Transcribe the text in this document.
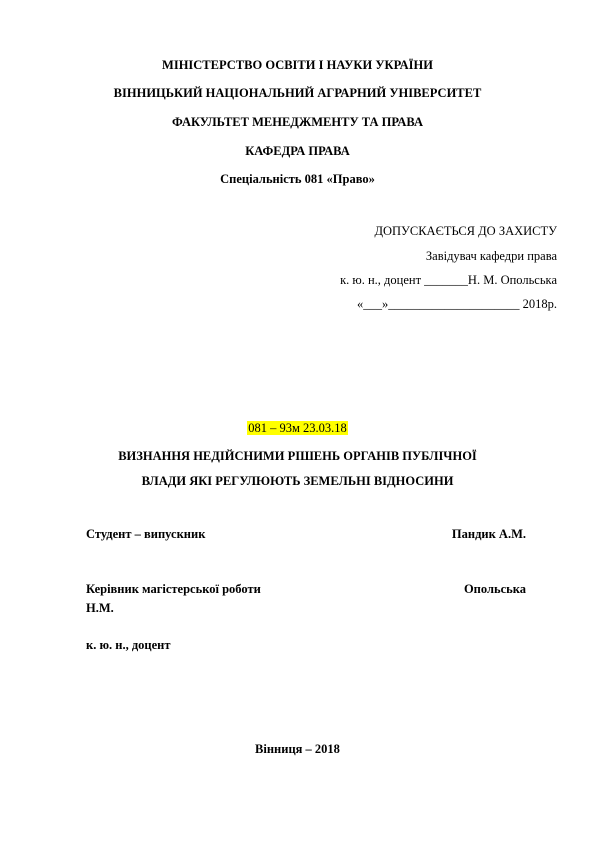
МІНІСТЕРСТВО ОСВІТИ І НАУКИ УКРАЇНИ
ВІННИЦЬКИЙ НАЦІОНАЛЬНИЙ АГРАРНИЙ УНІВЕРСИТЕТ
ФАКУЛЬТЕТ МЕНЕДЖМЕНТУ ТА ПРАВА
КАФЕДРА ПРАВА
Спеціальність 081 «Право»
ДОПУСКАЄТЬСЯ ДО ЗАХИСТУ
Завідувач кафедри права
к. ю. н., доцент _______Н. М. Опольська
«___»_____________________ 2018р.
081 – 93м 23.03.18
ВИЗНАННЯ НЕДІЙСНИМИ РІШЕНЬ ОРГАНІВ ПУБЛІЧНОЇ
ВЛАДИ ЯКІ РЕГУЛЮЮТЬ ЗЕМЕЛЬНІ ВІДНОСИНИ
Студент – випускник	Пандик А.М.
Керівник магістерської роботи	Опольська
Н.М.
к. ю. н., доцент
Вінниця – 2018
